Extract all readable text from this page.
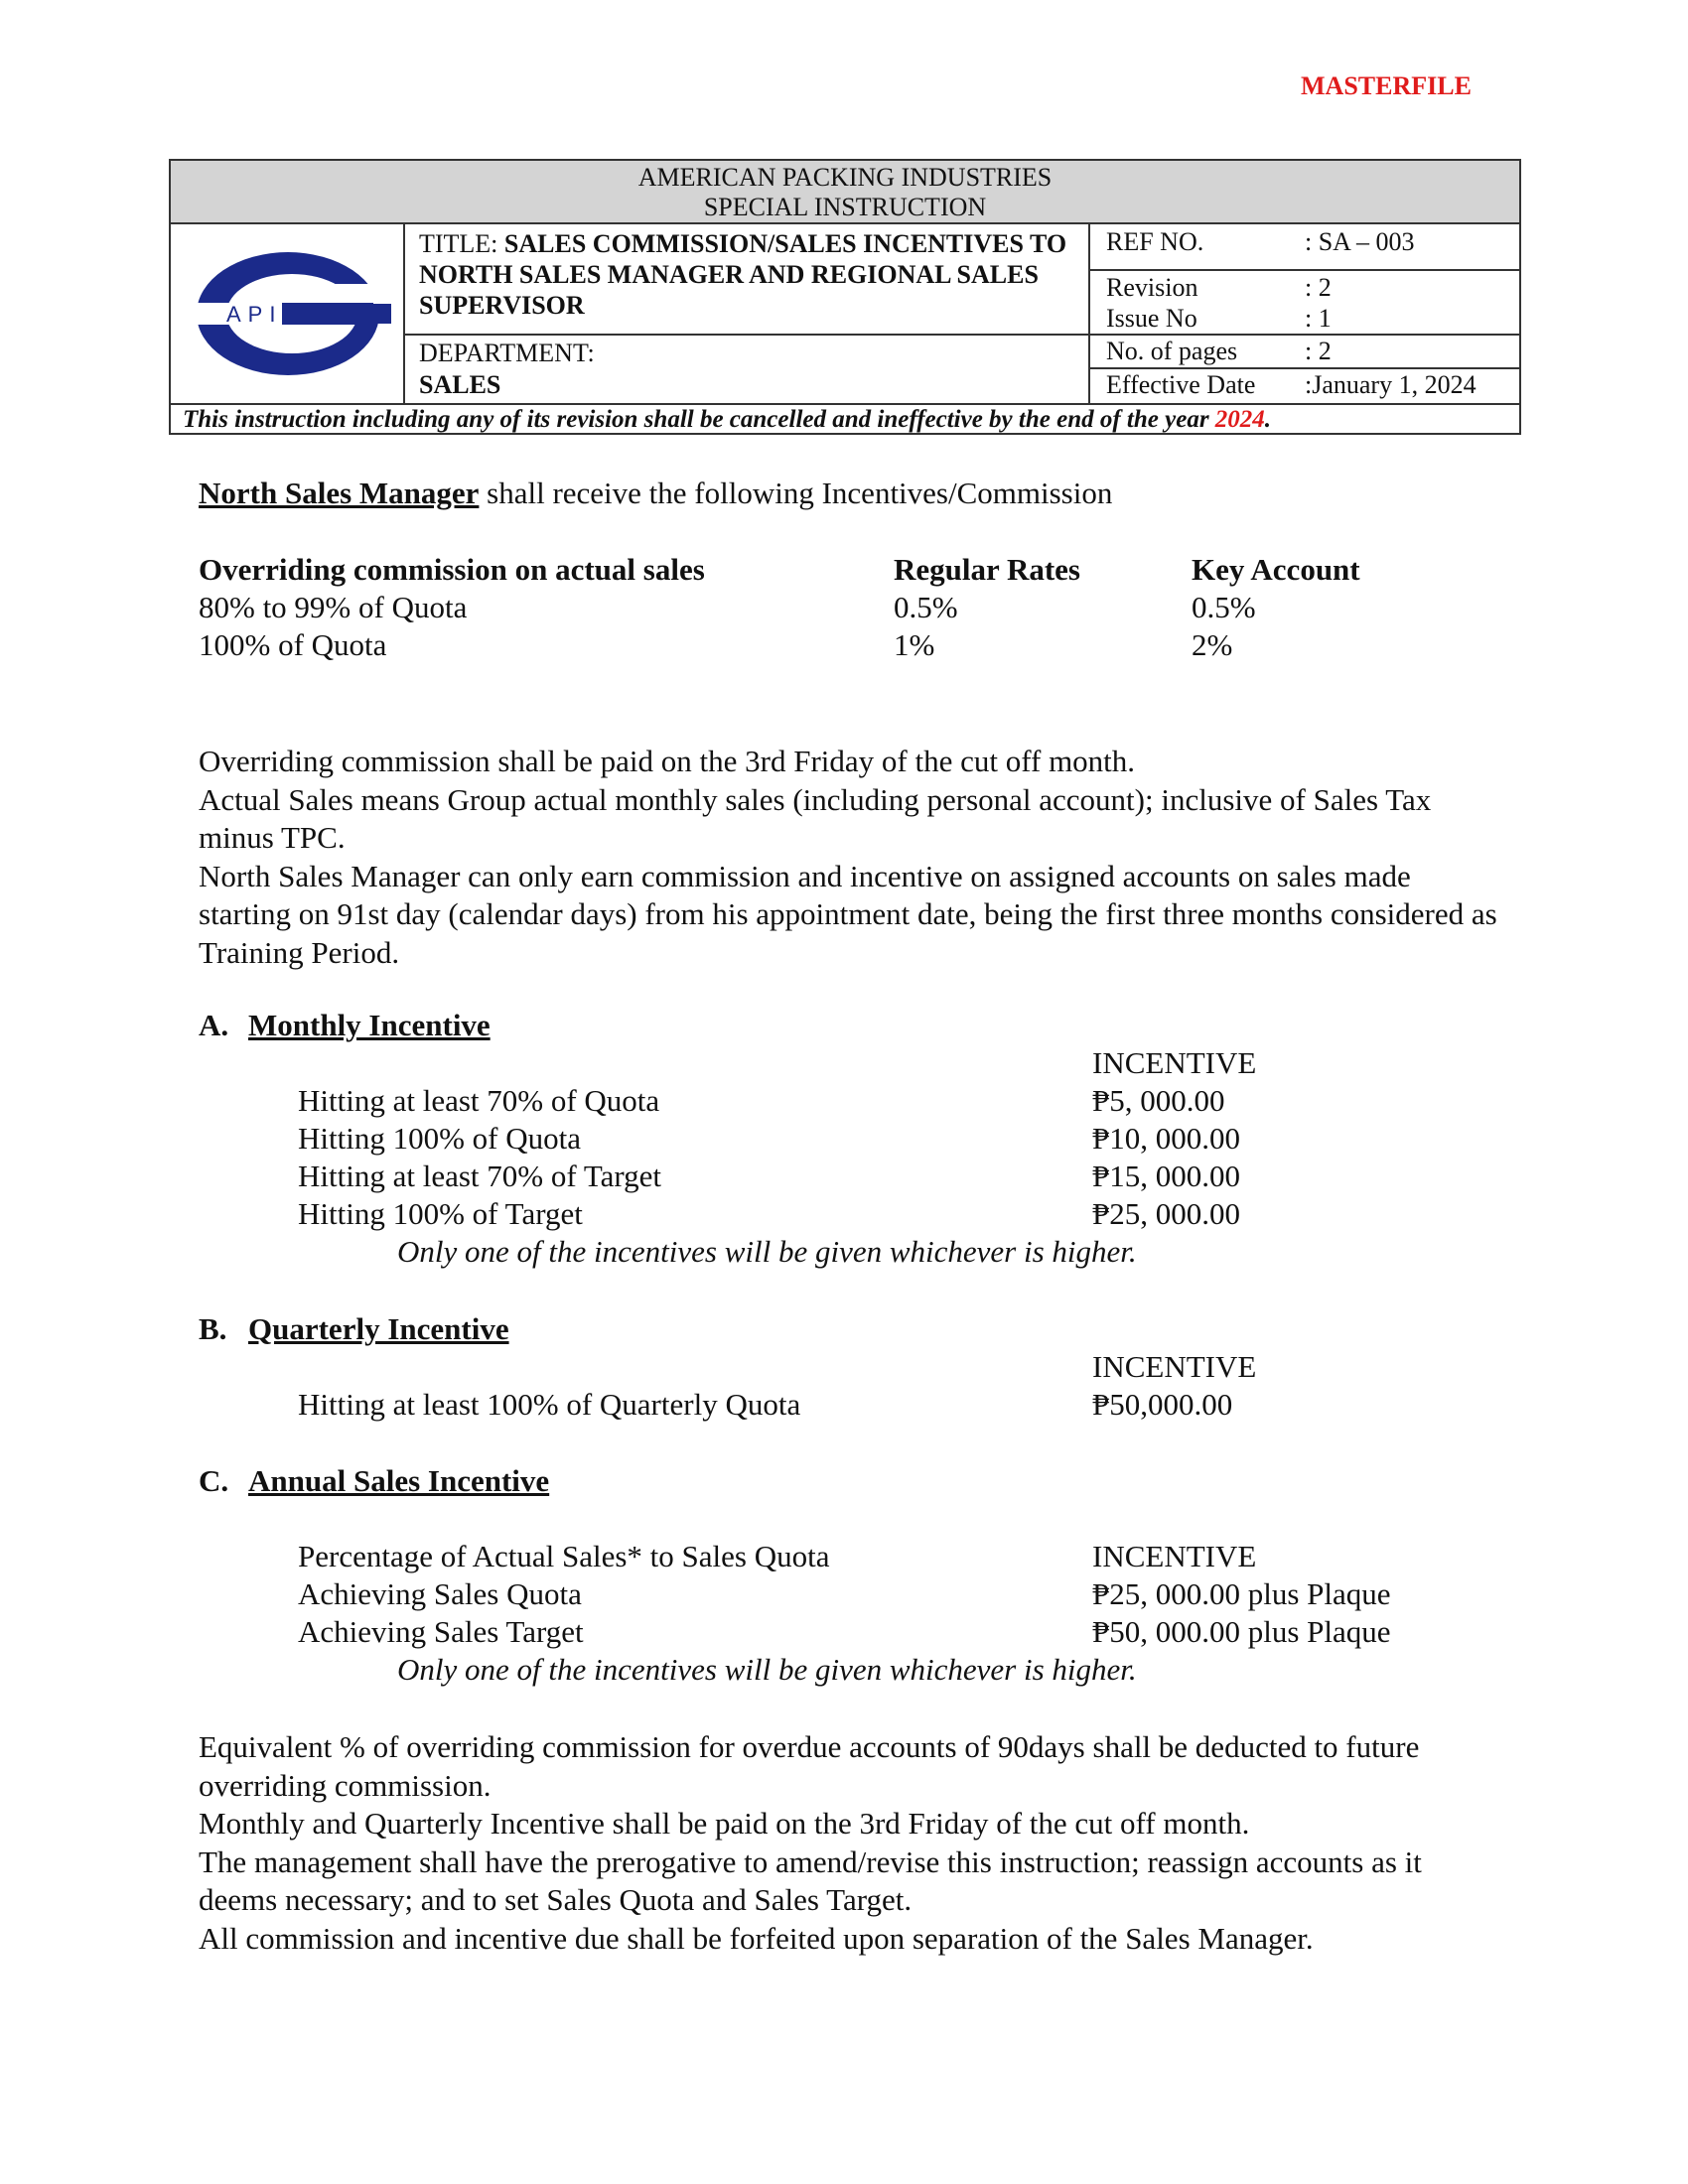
MASTERFILE
AMERICAN PACKING INDUSTRIES
SPECIAL INSTRUCTION
API
TITLE: SALES COMMISSION/SALES INCENTIVES TO NORTH SALES MANAGER AND REGIONAL SALES SUPERVISOR
DEPARTMENT:
SALES
REF NO.	: SA – 003
Revision	: 2
Issue No	: 1
No. of pages	: 2
Effective Date :January 1, 2024
This instruction including any of its revision shall be cancelled and ineffective by the end of the year 2024.
North Sales Manager shall receive the following Incentives/Commission
Overriding commission on actual sales	Regular Rates	Key Account
80% to 99% of Quota	0.5%	0.5%
100% of Quota	1%	2%
Overriding commission shall be paid on the 3rd Friday of the cut off month.
Actual Sales means Group actual monthly sales (including personal account); inclusive of Sales Tax minus TPC.
North Sales Manager can only earn commission and incentive on assigned accounts on sales made starting on 91st day (calendar days) from his appointment date, being the first three months considered as Training Period.
A. Monthly Incentive
INCENTIVE
Hitting at least 70% of Quota	₱5, 000.00
Hitting 100% of Quota	₱10, 000.00
Hitting at least 70% of Target	₱15, 000.00
Hitting 100% of Target	₱25, 000.00
Only one of the incentives will be given whichever is higher.
B. Quarterly Incentive
INCENTIVE
Hitting at least 100% of Quarterly Quota	₱50,000.00
C. Annual Sales Incentive
Percentage of Actual Sales* to Sales Quota	INCENTIVE
Achieving Sales Quota	₱25, 000.00 plus Plaque
Achieving Sales Target	₱50, 000.00 plus Plaque
Only one of the incentives will be given whichever is higher.
Equivalent % of overriding commission for overdue accounts of 90days shall be deducted to future overriding commission.
Monthly and Quarterly Incentive shall be paid on the 3rd Friday of the cut off month.
The management shall have the prerogative to amend/revise this instruction; reassign accounts as it deems necessary; and to set Sales Quota and Sales Target.
All commission and incentive due shall be forfeited upon separation of the Sales Manager.
